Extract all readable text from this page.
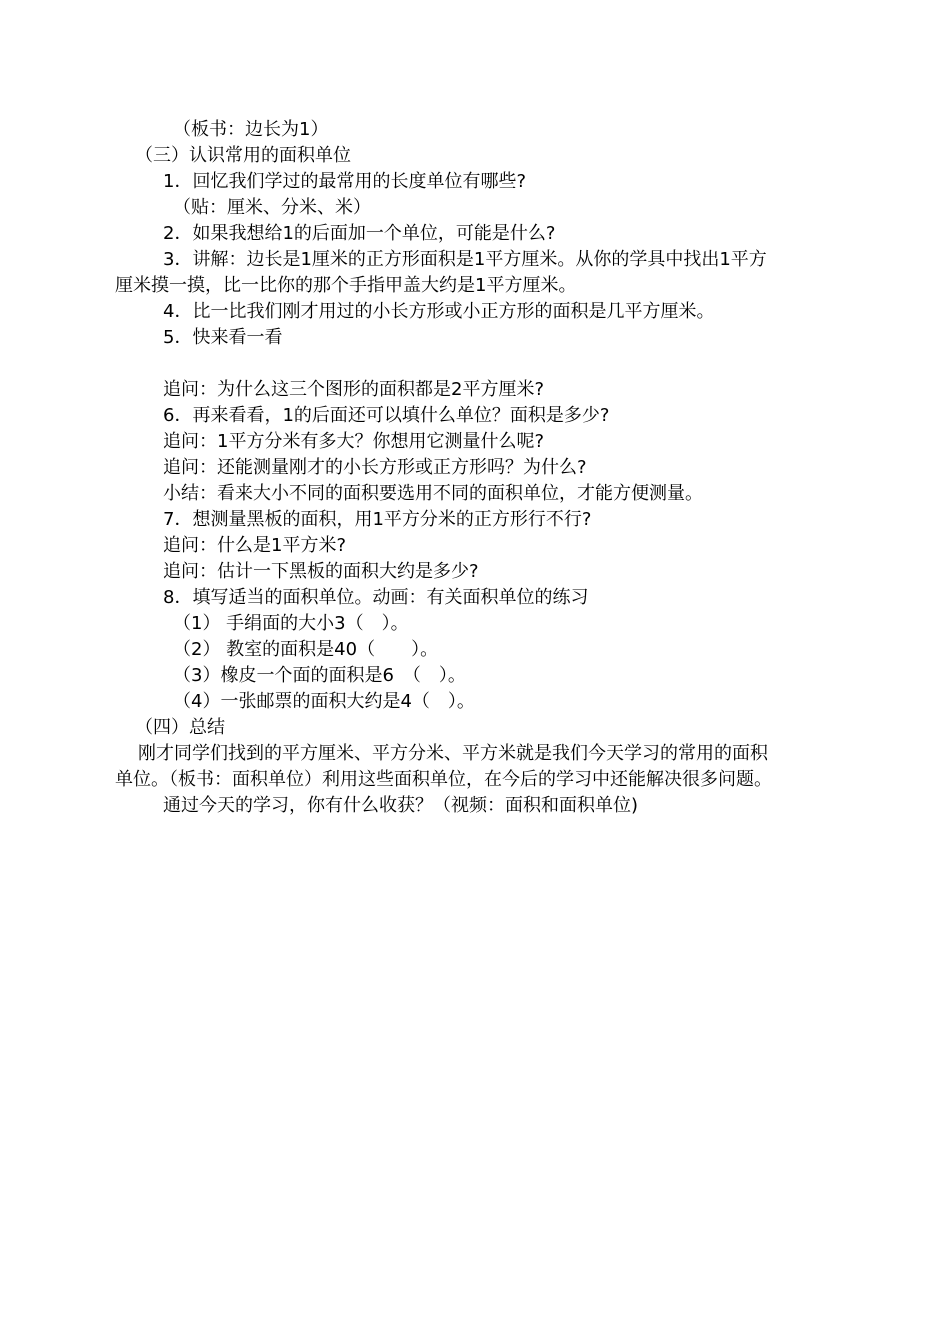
（板书：边长为1）
（三）认识常用的面积单位
1．回忆我们学过的最常用的长度单位有哪些?
（贴：厘米、分米、米）
2．如果我想给1的后面加一个单位，可能是什么?
3．讲解：边长是1厘米的正方形面积是1平方厘米。从你的学具中找出1平方
厘米摸一摸，比一比你的那个手指甲盖大约是1平方厘米。
4．比一比我们刚才用过的小长方形或小正方形的面积是几平方厘米。
5．快来看一看
追问：为什么这三个图形的面积都是2平方厘米?
6．再来看看，1的后面还可以填什么单位？面积是多少?
追问：1平方分米有多大？你想用它测量什么呢?
追问：还能测量刚才的小长方形或正方形吗？为什么?
小结：看来大小不同的面积要选用不同的面积单位，才能方便测量。
7．想测量黑板的面积，用1平方分米的正方形行不行?
追问：什么是1平方米?
追问：估计一下黑板的面积大约是多少?
8．填写适当的面积单位。动画：有关面积单位的练习
（1） 手绢面的大小3（　）。
（2） 教室的面积是40（　　）。
（3）橡皮一个面的面积是6　（　）。
（4）一张邮票的面积大约是4（　）。
（四）总结
刚才同学们找到的平方厘米、平方分米、平方米就是我们今天学习的常用的面积
单位。（板书：面积单位）利用这些面积单位，在今后的学习中还能解决很多问题。
通过今天的学习，你有什么收获？（视频：面积和面积单位)
